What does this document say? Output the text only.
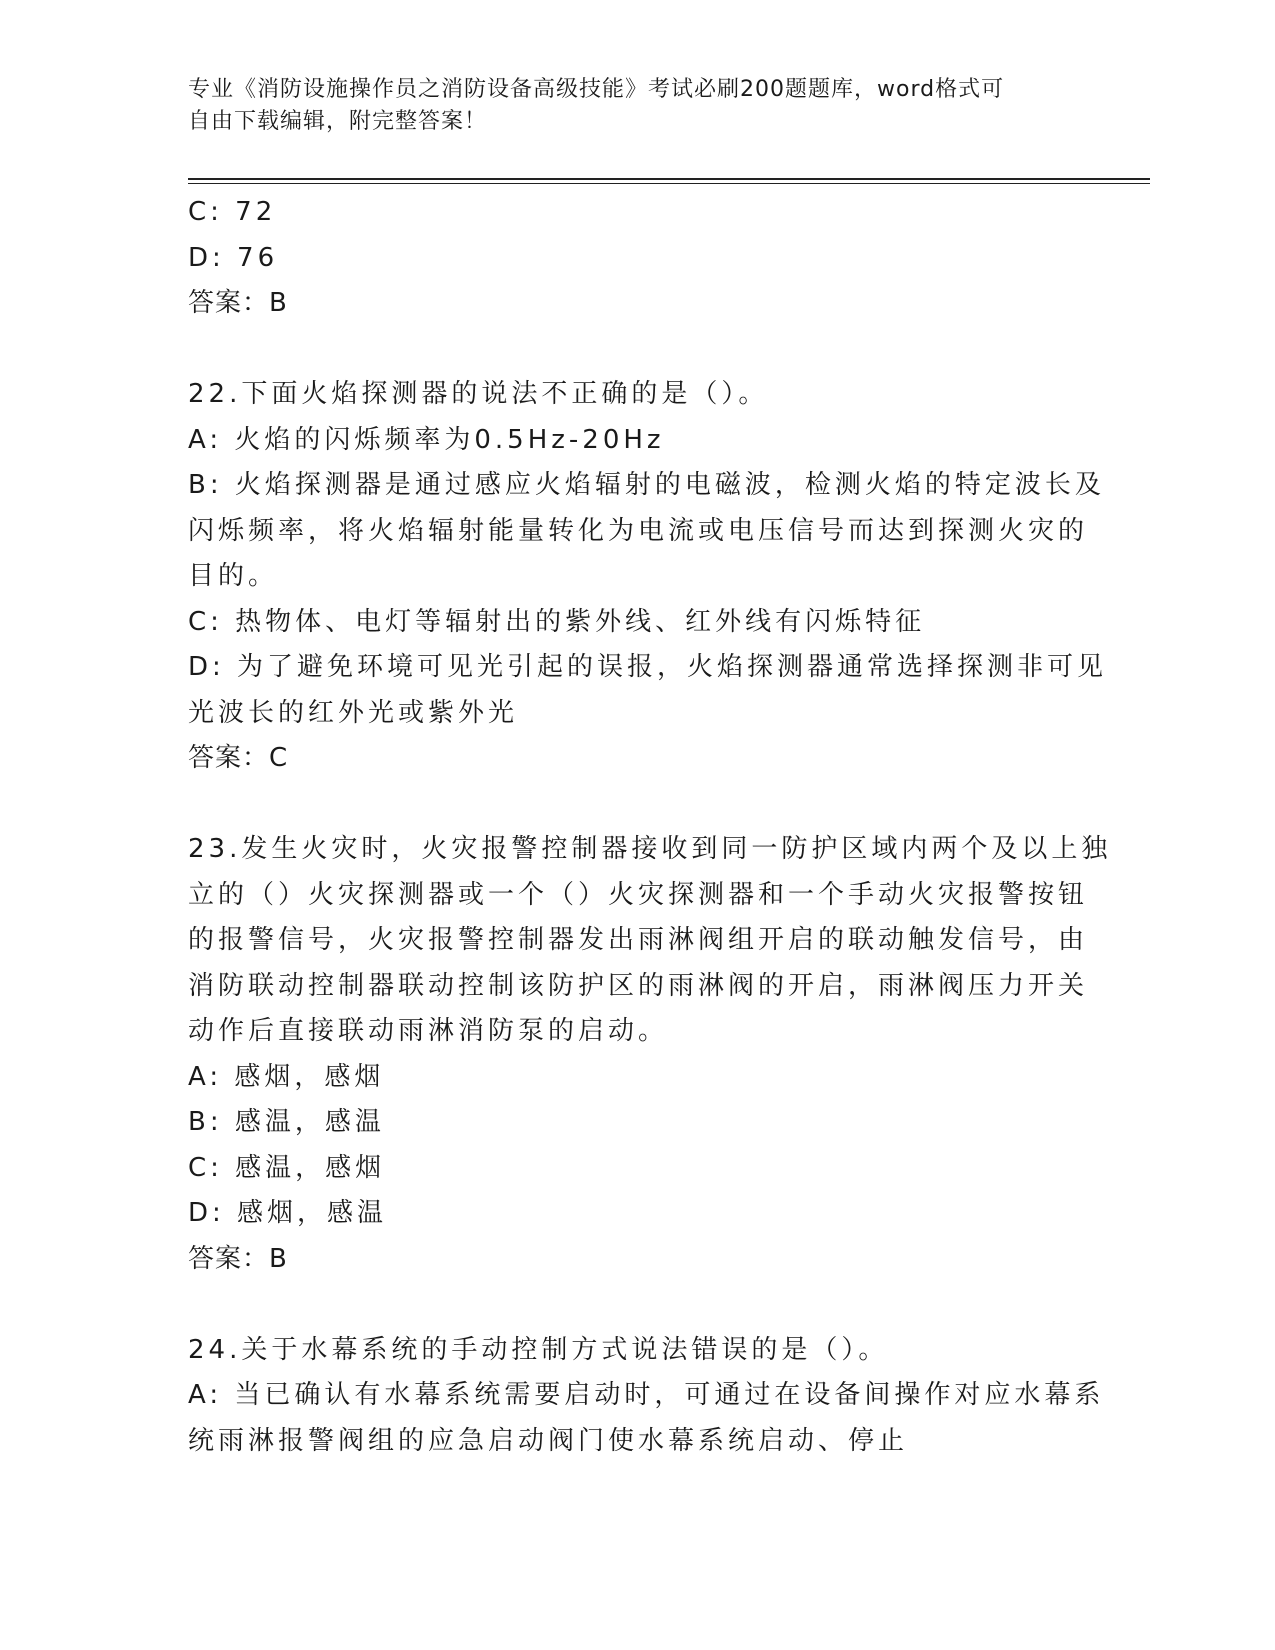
专业《消防设施操作员之消防设备高级技能》考试必刷200题题库，word格式可
自由下载编辑，附完整答案！

C: 72

D: 76

答案：B

22.下面火焰探测器的说法不正确的是（）。

A: 火焰的闪烁频率为0.5Hz-20Hz

B: 火焰探测器是通过感应火焰辐射的电磁波，检测火焰的特定波长及

闪烁频率，将火焰辐射能量转化为电流或电压信号而达到探测火灾的

目的。

C: 热物体、电灯等辐射出的紫外线、红外线有闪烁特征

D: 为了避免环境可见光引起的误报，火焰探测器通常选择探测非可见

光波长的红外光或紫外光

答案：C

23.发生火灾时，火灾报警控制器接收到同一防护区域内两个及以上独

立的（）火灾探测器或一个（）火灾探测器和一个手动火灾报警按钮

的报警信号，火灾报警控制器发出雨淋阀组开启的联动触发信号，由

消防联动控制器联动控制该防护区的雨淋阀的开启，雨淋阀压力开关

动作后直接联动雨淋消防泵的启动。

A: 感烟，感烟

B: 感温，感温

C: 感温，感烟

D: 感烟，感温

答案：B

24.关于水幕系统的手动控制方式说法错误的是（）。

A: 当已确认有水幕系统需要启动时，可通过在设备间操作对应水幕系

统雨淋报警阀组的应急启动阀门使水幕系统启动、停止
